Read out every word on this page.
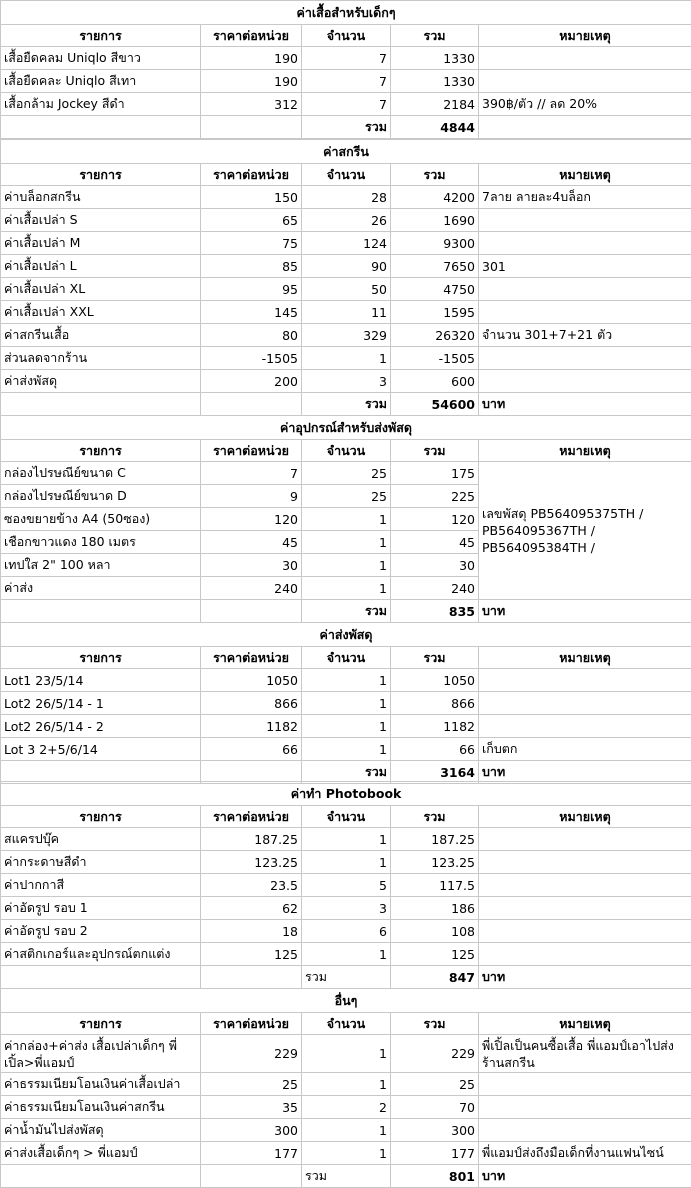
ค่าเสื้อสำหรับเด็กๆ				
รายการ	ราคาต่อหน่วย	จำนวน	รวม	หมายเหตุ
เสื้อยืดคลม Uniqlo สีขาว	190	7	1330	
เสื้อยืดคละ Uniqlo สีเทา	190	7	1330	
เสื้อกล้าม Jockey สีดำ	312	7	2184	390฿/ตัว // ลด 20%
		รวม	4844	
ค่าสกรีน				
รายการ	ราคาต่อหน่วย	จำนวน	รวม	หมายเหตุ
ค่าบล็อกสกรีน	150	28	4200	7ลาย ลายละ4บล็อก
ค่าเสื้อเปล่า S	65	26	1690	
ค่าเสื้อเปล่า M	75	124	9300	
ค่าเสื้อเปล่า L	85	90	7650	301
ค่าเสื้อเปล่า XL	95	50	4750	
ค่าเสื้อเปล่า XXL	145	11	1595	
ค่าสกรีนเสื้อ	80	329	26320	จำนวน 301+7+21 ตัว
ส่วนลดจากร้าน	-1505	1	-1505	
ค่าส่งพัสดุ	200	3	600	
		รวม	54600	บาท
ค่าอุปกรณ์สำหรับส่งพัสดุ				
รายการ	ราคาต่อหน่วย	จำนวน	รวม	หมายเหตุ
กล่องไปรษณีย์ขนาด C	7	25	175	เลขพัสดุ PB564095375TH / PB564095367TH / PB564095384TH /
กล่องไปรษณีย์ขนาด D	9	25	225	
ซองขยายข้าง A4 (50ซอง)	120	1	120	
เชือกขาวแดง 180 เมตร	45	1	45	
เทปใส 2" 100 หลา	30	1	30	
ค่าส่ง	240	1	240	
		รวม	835	บาท
ค่าส่งพัสดุ				
รายการ	ราคาต่อหน่วย	จำนวน	รวม	หมายเหตุ
Lot1 23/5/14	1050	1	1050	
Lot2 26/5/14 - 1	866	1	866	
Lot2 26/5/14 - 2	1182	1	1182	
Lot 3 2+5/6/14	66	1	66	เก็บตก
		รวม	3164	บาท
ค่าทำ Photobook				
รายการ	ราคาต่อหน่วย	จำนวน	รวม	หมายเหตุ
สแครปบุ๊ค	187.25	1	187.25	
ค่ากระดาษสีดำ	123.25	1	123.25	
ค่าปากกาสี	23.5	5	117.5	
ค่าอัดรูป รอบ 1	62	3	186	
ค่าอัดรูป รอบ 2	18	6	108	
ค่าสติกเกอร์และอุปกรณ์ตกแต่ง	125	1	125	
		รวม	847	บาท
อื่นๆ				
รายการ	ราคาต่อหน่วย	จำนวน	รวม	หมายเหตุ
ค่ากล่อง+ค่าส่ง เสื้อเปล่าเด็กๆ พี่เปิ้ล>พี่แอมป์	229	1	229	พี่เปิ้ลเป็นคนซื้อเสื้อ พี่แอมป์เอาไปส่งร้านสกรีน
ค่าธรรมเนียมโอนเงินค่าเสื้อเปล่า	25	1	25	
ค่าธรรมเนียมโอนเงินค่าสกรีน	35	2	70	
ค่าน้ำมันไปส่งพัสดุ	300	1	300	
ค่าส่งเสื้อเด็กๆ > พี่แอมป์	177	1	177	พี่แอมป์ส่งถึงมือเด็กที่งานแฟนไซน์
		รวม	801	บาท
